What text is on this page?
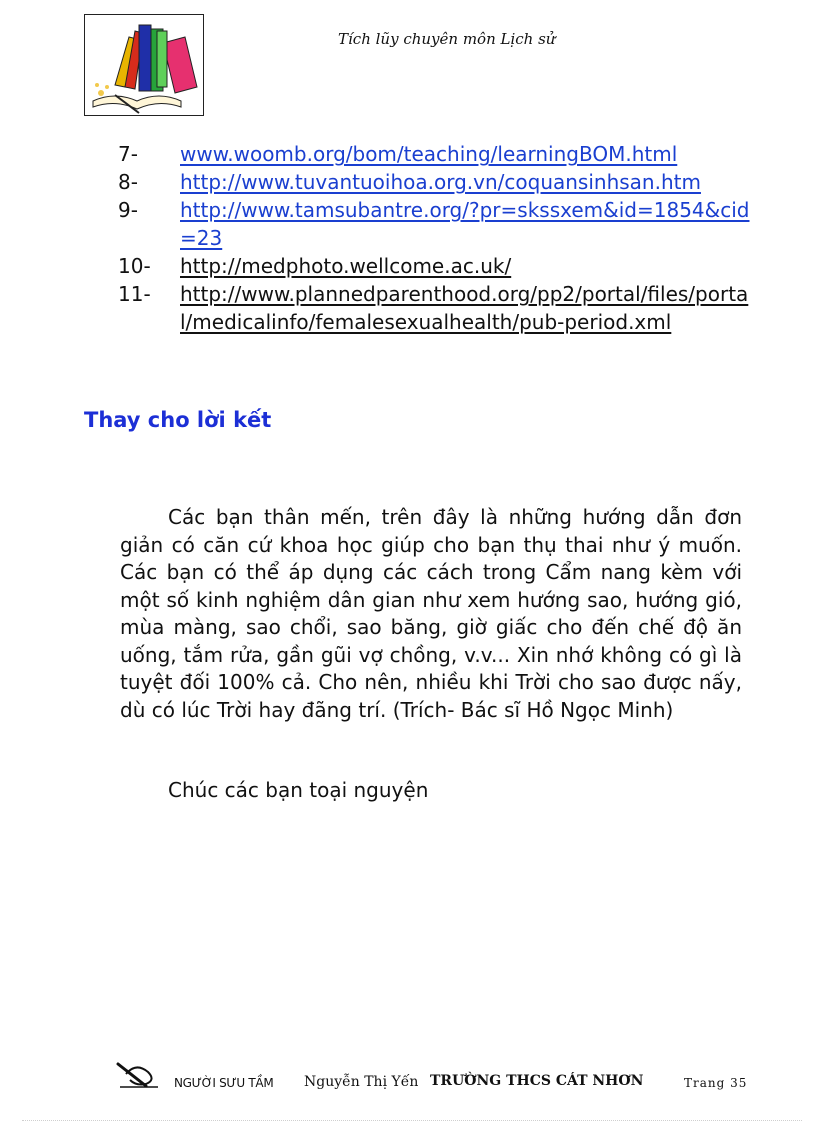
Tích lũy chuyên môn Lịch sử
7-	www.woomb.org/bom/teaching/learningBOM.html
8-	http://www.tuvantuoihoa.org.vn/coquansinhsan.htm
9-	http://www.tamsubantre.org/?pr=skssxem&id=1854&cid=23
10-	http://medphoto.wellcome.ac.uk/
11-	http://www.plannedparenthood.org/pp2/portal/files/portal/medicalinfo/femalesexualhealth/pub-period.xml
Thay cho lời kết

Các bạn thân mến, trên đây là những hướng dẫn đơn giản có căn cứ khoa học giúp cho bạn thụ thai như ý muốn. Các bạn có thể áp dụng các cách trong Cẩm nang kèm với một số kinh nghiệm dân gian như xem hướng sao, hướng gió, mùa màng, sao chổi, sao băng, giờ giấc cho đến chế độ ăn uống, tắm rửa, gần gũi vợ chồng, v.v... Xin nhớ không có gì là tuyệt đối 100% cả. Cho nên, nhiều khi Trời cho sao được nấy, dù có lúc Trời hay đãng trí. (Trích- Bác sĩ Hồ Ngọc Minh)

Chúc các bạn toại nguyện

NGƯỜI SƯU TẦM Nguyễn Thị Yến TRƯỜNG THCS CÁT NHƠN	Trang 35
